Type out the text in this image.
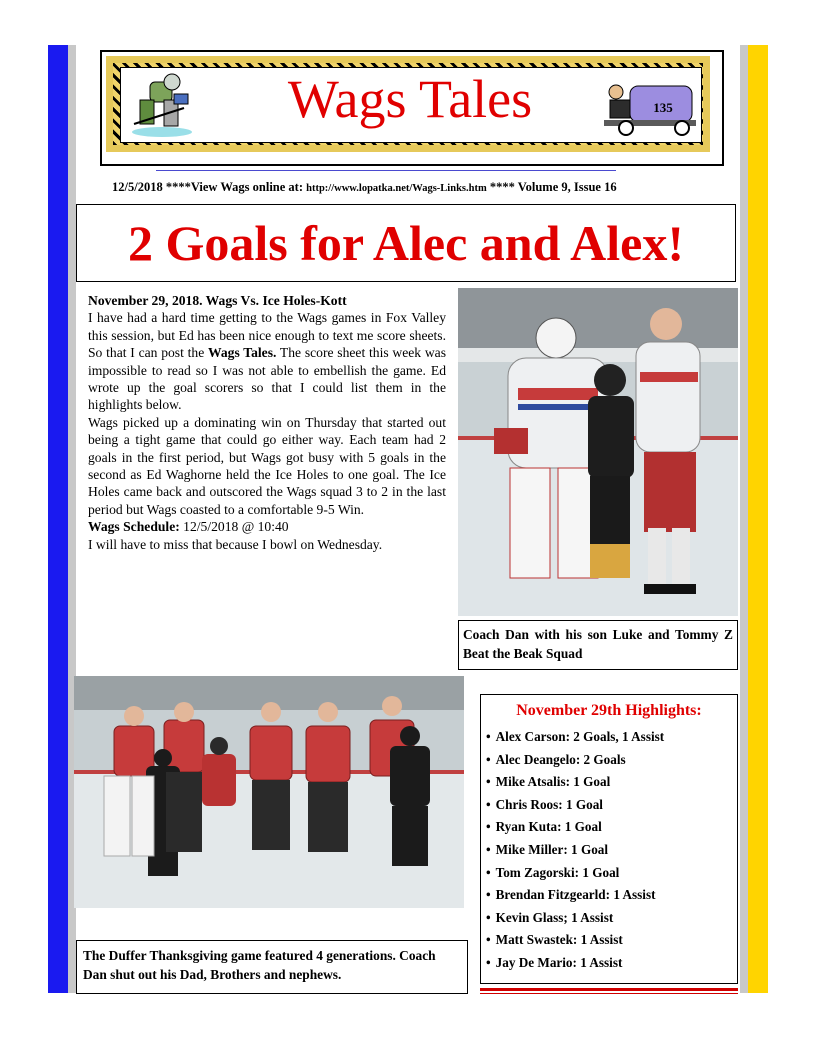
Wags Tales	135
12/5/2018 ****View Wags online at: http://www.lopatka.net/Wags-Links.htm **** Volume 9, Issue 16
2 Goals for Alec and Alex!

November 29, 2018. Wags Vs. Ice Holes-Kott

I have had a hard time getting to the Wags games in Fox Valley this session, but Ed has been nice enough to text me score sheets. So that I can post the Wags Tales. The score sheet this week was impossible to read so I was not able to embellish the game. Ed wrote up the goal scorers so that I could list them in the highlights below.

Wags picked up a dominating win on Thursday that started out being a tight game that could go either way. Each team had 2 goals in the first period, but Wags got busy with 5 goals in the second as Ed Waghorne held the Ice Holes to one goal. The Ice Holes came back and outscored the Wags squad 3 to 2 in the last period but Wags coasted to a comfortable 9-5 Win.

Wags Schedule: 12/5/2018 @ 10:40

I will have to miss that because I bowl on Wednesday.

Coach Dan with his son Luke and Tommy Z Beat the Beak Squad
The Duffer Thanksgiving game featured 4 generations. Coach Dan shut out his Dad, Brothers and nephews.
November 29th Highlights:
• Alex Carson: 2 Goals, 1 Assist
• Alec Deangelo: 2 Goals
• Mike Atsalis: 1 Goal
• Chris Roos: 1 Goal
• Ryan Kuta: 1 Goal
• Mike Miller: 1 Goal
• Tom Zagorski: 1 Goal
• Brendan Fitzgearld: 1 Assist
• Kevin Glass; 1 Assist
• Matt Swastek: 1 Assist
• Jay De Mario: 1 Assist
